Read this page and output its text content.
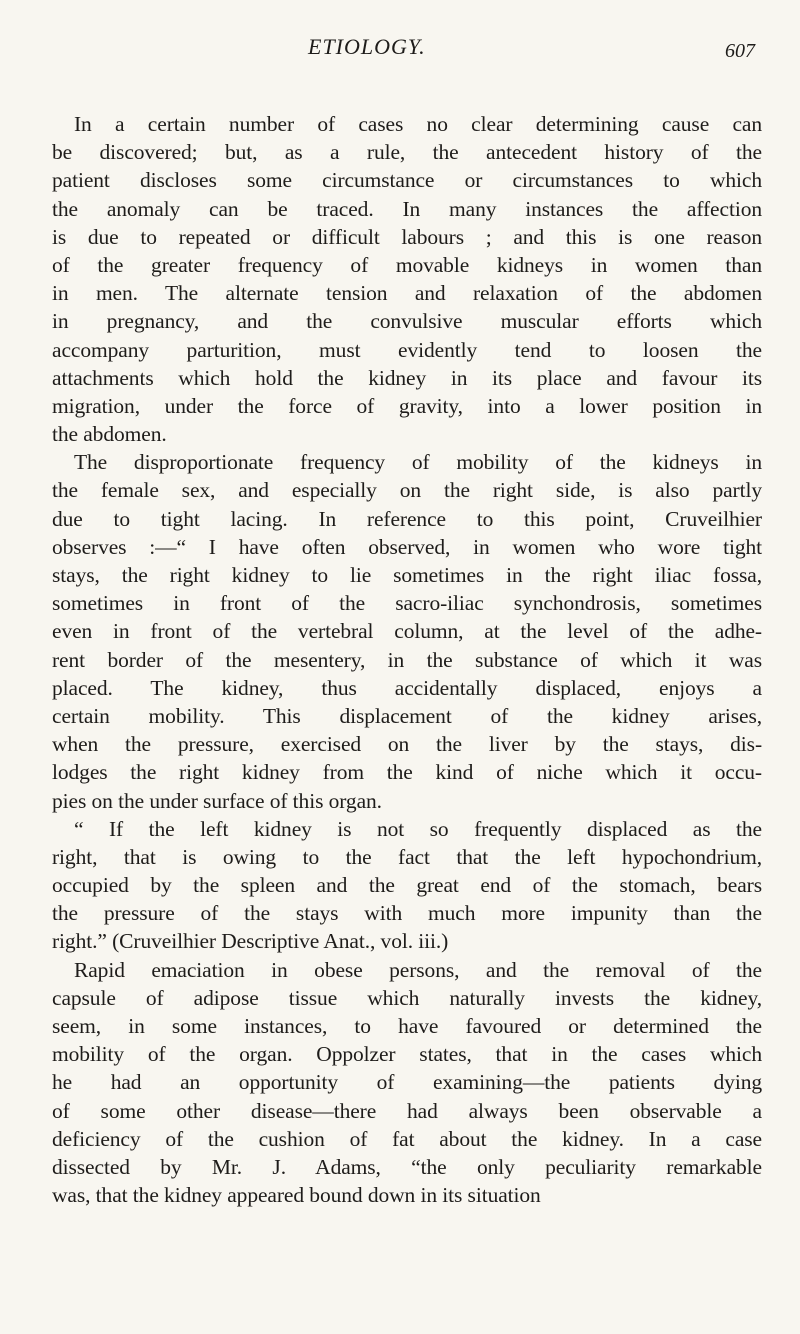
ETIOLOGY.	607
In a certain number of cases no clear determining cause can
be discovered; but, as a rule, the antecedent history of the
patient discloses some circumstance or circumstances to which
the anomaly can be traced. In many instances the affection
is due to repeated or difficult labours ; and this is one reason
of the greater frequency of movable kidneys in women than
in men. The alternate tension and relaxation of the abdomen
in pregnancy, and the convulsive muscular efforts which
accompany parturition, must evidently tend to loosen the
attachments which hold the kidney in its place and favour its
migration, under the force of gravity, into a lower position in
the abdomen.
The disproportionate frequency of mobility of the kidneys in
the female sex, and especially on the right side, is also partly
due to tight lacing. In reference to this point, Cruveilhier
observes :—“ I have often observed, in women who wore tight
stays, the right kidney to lie sometimes in the right iliac fossa,
sometimes in front of the sacro-iliac synchondrosis, sometimes
even in front of the vertebral column, at the level of the adhe-
rent border of the mesentery, in the substance of which it was
placed. The kidney, thus accidentally displaced, enjoys a
certain mobility. This displacement of the kidney arises,
when the pressure, exercised on the liver by the stays, dis-
lodges the right kidney from the kind of niche which it occu-
pies on the under surface of this organ.
“ If the left kidney is not so frequently displaced as the
right, that is owing to the fact that the left hypochondrium,
occupied by the spleen and the great end of the stomach, bears
the pressure of the stays with much more impunity than the
right.” (Cruveilhier Descriptive Anat., vol. iii.)
Rapid emaciation in obese persons, and the removal of the
capsule of adipose tissue which naturally invests the kidney,
seem, in some instances, to have favoured or determined the
mobility of the organ. Oppolzer states, that in the cases which
he had an opportunity of examining—the patients dying
of some other disease—there had always been observable a
deficiency of the cushion of fat about the kidney. In a case
dissected by Mr. J. Adams, “the only peculiarity remarkable
was, that the kidney appeared bound down in its situation
